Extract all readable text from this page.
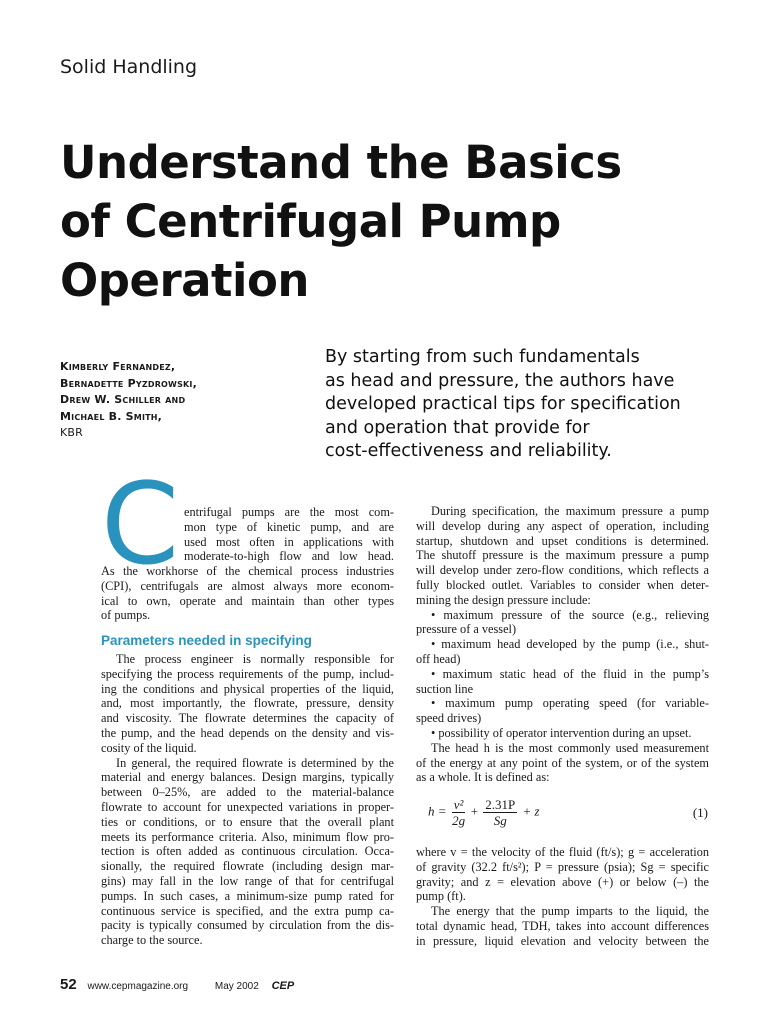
Solid Handling
Understand the Basics
of Centrifugal Pump
Operation
Kimberly Fernandez,
Bernadette Pyzdrowski,
Drew W. Schiller and
Michael B. Smith,
KBR
By starting from such fundamentals
as head and pressure, the authors have
developed practical tips for specification
and operation that provide for
cost-effectiveness and reliability.
C entrifugal pumps are the most com-
mon type of kinetic pump, and are
used most often in applications with
moderate-to-high flow and low head.
As the workhorse of the chemical process industries
(CPI), centrifugals are almost always more econom-
ical to own, operate and maintain than other types
of pumps.
Parameters needed in specifying
The process engineer is normally responsible for
specifying the process requirements of the pump, includ-
ing the conditions and physical properties of the liquid,
and, most importantly, the flowrate, pressure, density
and viscosity. The flowrate determines the capacity of
the pump, and the head depends on the density and vis-
cosity of the liquid.
In general, the required flowrate is determined by the
material and energy balances. Design margins, typically
between 0–25%, are added to the material-balance
flowrate to account for unexpected variations in proper-
ties or conditions, or to ensure that the overall plant
meets its performance criteria. Also, minimum flow pro-
tection is often added as continuous circulation. Occa-
sionally, the required flowrate (including design mar-
gins) may fall in the low range of that for centrifugal
pumps. In such cases, a minimum-size pump rated for
continuous service is specified, and the extra pump ca-
pacity is typically consumed by circulation from the dis-
charge to the source.
During specification, the maximum pressure a pump
will develop during any aspect of operation, including
startup, shutdown and upset conditions is determined.
The shutoff pressure is the maximum pressure a pump
will develop under zero-flow conditions, which reflects a
fully blocked outlet. Variables to consider when deter-
mining the design pressure include:
• maximum pressure of the source (e.g., relieving
pressure of a vessel)
• maximum head developed by the pump (i.e., shut-
off head)
• maximum static head of the fluid in the pump’s
suction line
• maximum pump operating speed (for variable-
speed drives)
• possibility of operator intervention during an upset.
The head h is the most commonly used measurement
of the energy at any point of the system, or of the system
as a whole. It is defined as:
$h = \frac{\text{v²}}{2g} + \frac{2.31P}{Sg} + z$	(1)
where v = the velocity of the fluid (ft/s); g = acceleration
of gravity (32.2 ft/s²); P = pressure (psia); Sg = specific
gravity; and z = elevation above (+) or below (–) the
pump (ft).
The energy that the pump imparts to the liquid, the
total dynamic head, TDH, takes into account differences
in pressure, liquid elevation and velocity between the
52 www.cepmagazine.org	May 2002 CEP
